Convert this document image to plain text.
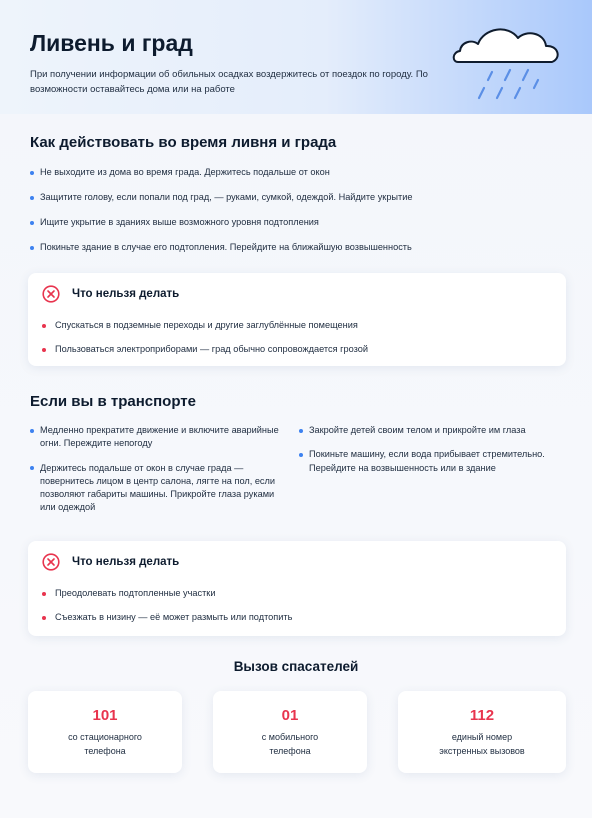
Ливень и град
При получении информации об обильных осадках воздержитесь от поездок по городу. По возможности оставайтесь дома или на работе
Как действовать во время ливня и града
Не выходите из дома во время града. Держитесь подальше от окон
Защитите голову, если попали под град, — руками, сумкой, одеждой. Найдите укрытие
Ищите укрытие в зданиях выше возможного уровня подтопления
Покиньте здание в случае его подтопления. Перейдите на ближайшую возвышенность
Что нельзя делать
Спускаться в подземные переходы и другие заглублённые помещения
Пользоваться электроприборами — град обычно сопровождается грозой
Если вы в транспорте
Медленно прекратите движение и включите аварийные огни. Переждите непогоду
Держитесь подальше от окон в случае града — повернитесь лицом в центр салона, лягте на пол, если позволяют габариты машины. Прикройте глаза руками или одеждой
Закройте детей своим телом и прикройте им глаза
Покиньте машину, если вода прибывает стремительно. Перейдите на возвышенность или в здание
Что нельзя делать
Преодолевать подтопленные участки
Съезжать в низину — её может размыть или подтопить
Вызов спасателей
101
со стационарного
телефона
01
с мобильного
телефона
112
единый номер
экстренных вызовов
